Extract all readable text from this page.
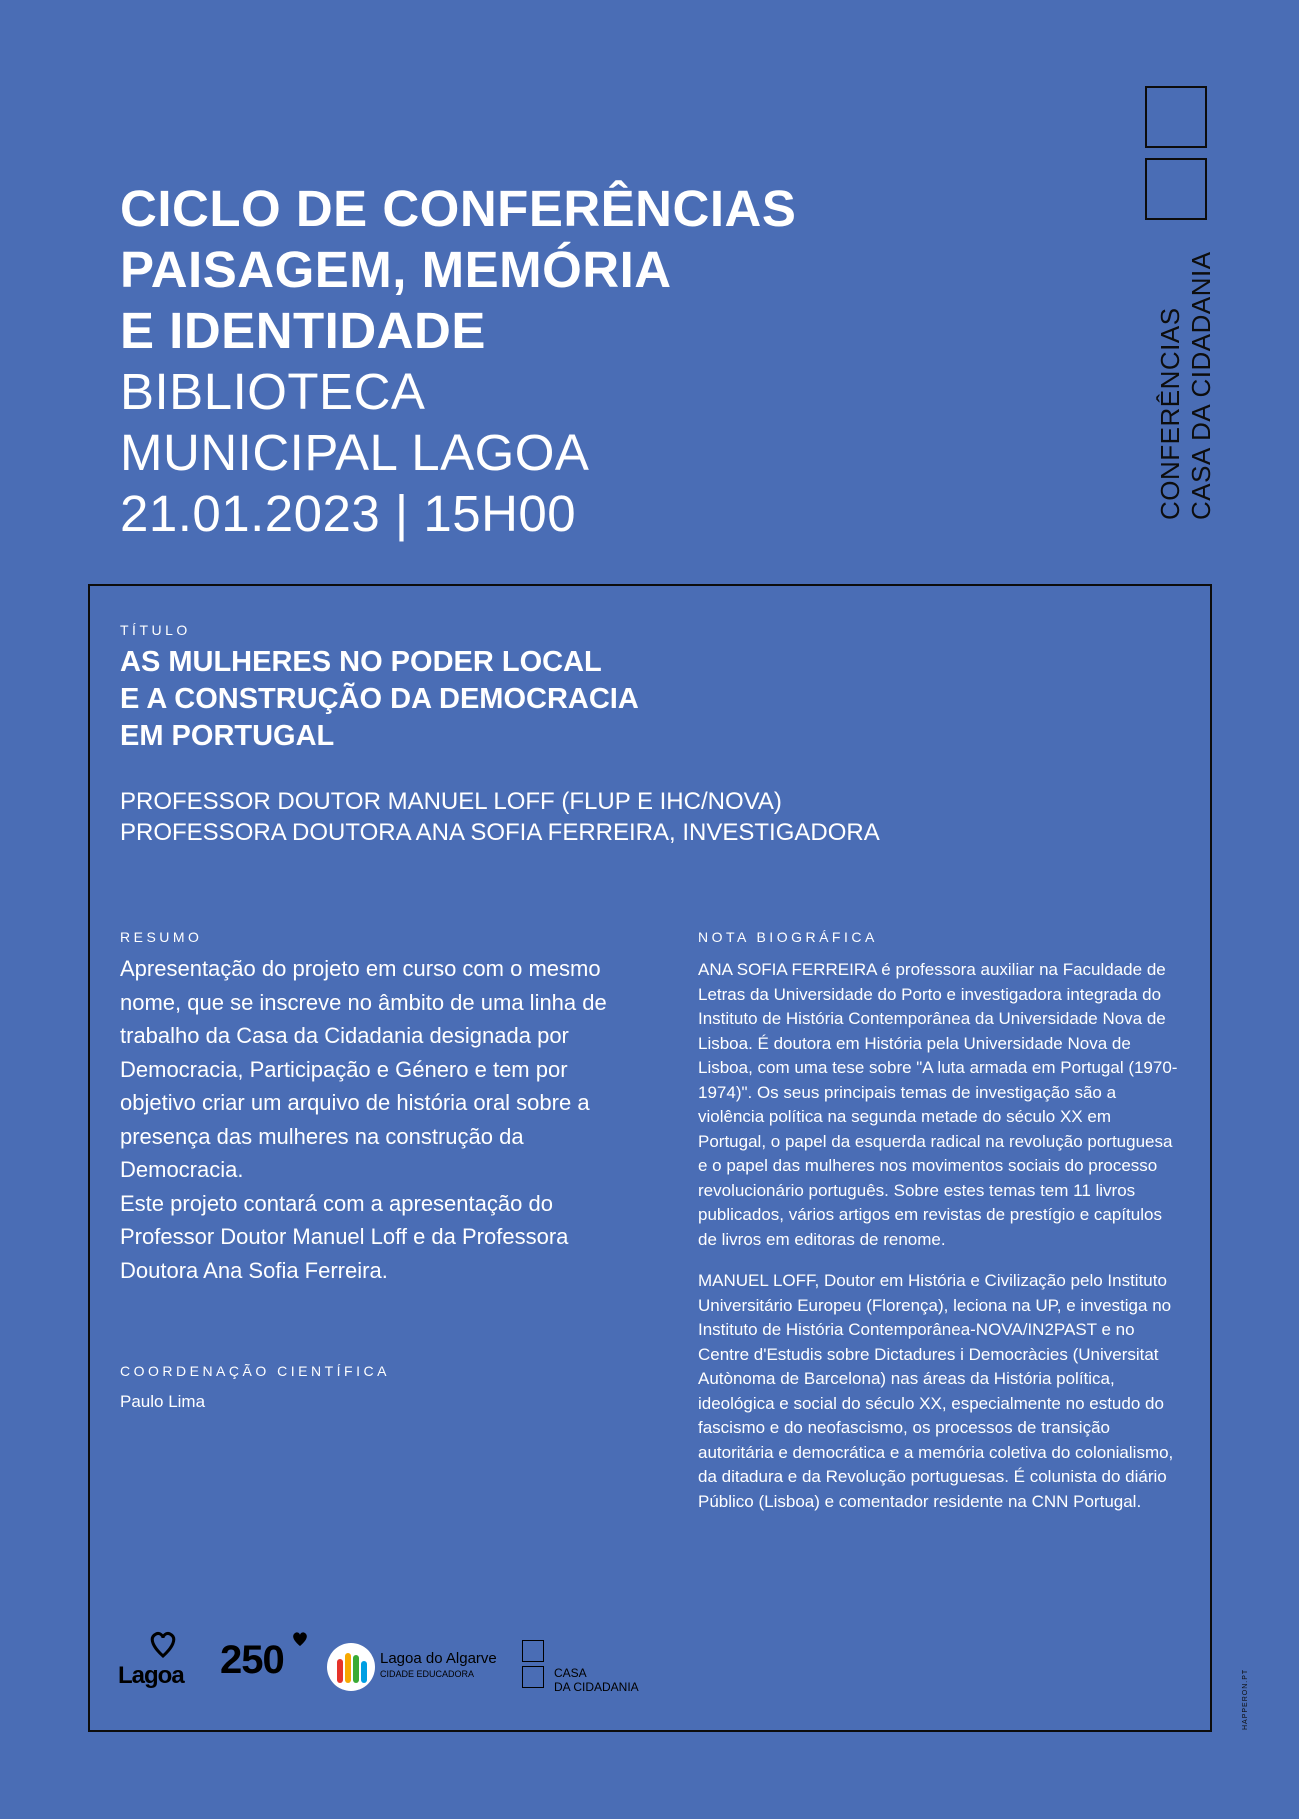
CICLO DE CONFERÊNCIAS
PAISAGEM, MEMÓRIA
E IDENTIDADE
BIBLIOTECA
MUNICIPAL LAGOA
21.01.2023 | 15H00	CONFERÊNCIAS CASA DA CIDADANIA
TÍTULO
AS MULHERES NO PODER LOCAL
E A CONSTRUÇÃO DA DEMOCRACIA
EM PORTUGAL
PROFESSOR DOUTOR MANUEL LOFF (FLUP E IHC/NOVA)
PROFESSORA DOUTORA ANA SOFIA FERREIRA, INVESTIGADORA
RESUMO
Apresentação do projeto em curso com o mesmo nome, que se inscreve no âmbito de uma linha de trabalho da Casa da Cidadania designada por Democracia, Participação e Género e tem por objetivo criar um arquivo de história oral sobre a presença das mulheres na construção da Democracia.
Este projeto contará com a apresentação do Professor Doutor Manuel Loff e da Professora Doutora Ana Sofia Ferreira.
COORDENAÇÃO CIENTÍFICA
Paulo Lima
NOTA BIOGRÁFICA

ANA SOFIA FERREIRA é professora auxiliar na Faculdade de Letras da Universidade do Porto e investigadora integrada do Instituto de História Contemporânea da Universidade Nova de Lisboa. É doutora em História pela Universidade Nova de Lisboa, com uma tese sobre "A luta armada em Portugal (1970-1974)". Os seus principais temas de investigação são a violência política na segunda metade do século XX em Portugal, o papel da esquerda radical na revolução portuguesa e o papel das mulheres nos movimentos sociais do processo revolucionário português. Sobre estes temas tem 11 livros publicados, vários artigos em revistas de prestígio e capítulos de livros em editoras de renome.

MANUEL LOFF, Doutor em História e Civilização pelo Instituto Universitário Europeu (Florença), leciona na UP, e investiga no Instituto de História Contemporânea-NOVA/IN2PAST e no Centre d'Estudis sobre Dictadures i Democràcies (Universitat Autònoma de Barcelona) nas áreas da História política, ideológica e social do século XX, especialmente no estudo do fascismo e do neofascismo, os processos de transição autoritária e democrática e a memória coletiva do colonialismo, da ditadura e da Revolução portuguesas. É colunista do diário Público (Lisboa) e comentador residente na CNN Portugal.

Lagoa 250	Lagoa do Algarve
CIDADE EDUCADORA	CASA
DA CIDADANIA	HAPPERON.PT
